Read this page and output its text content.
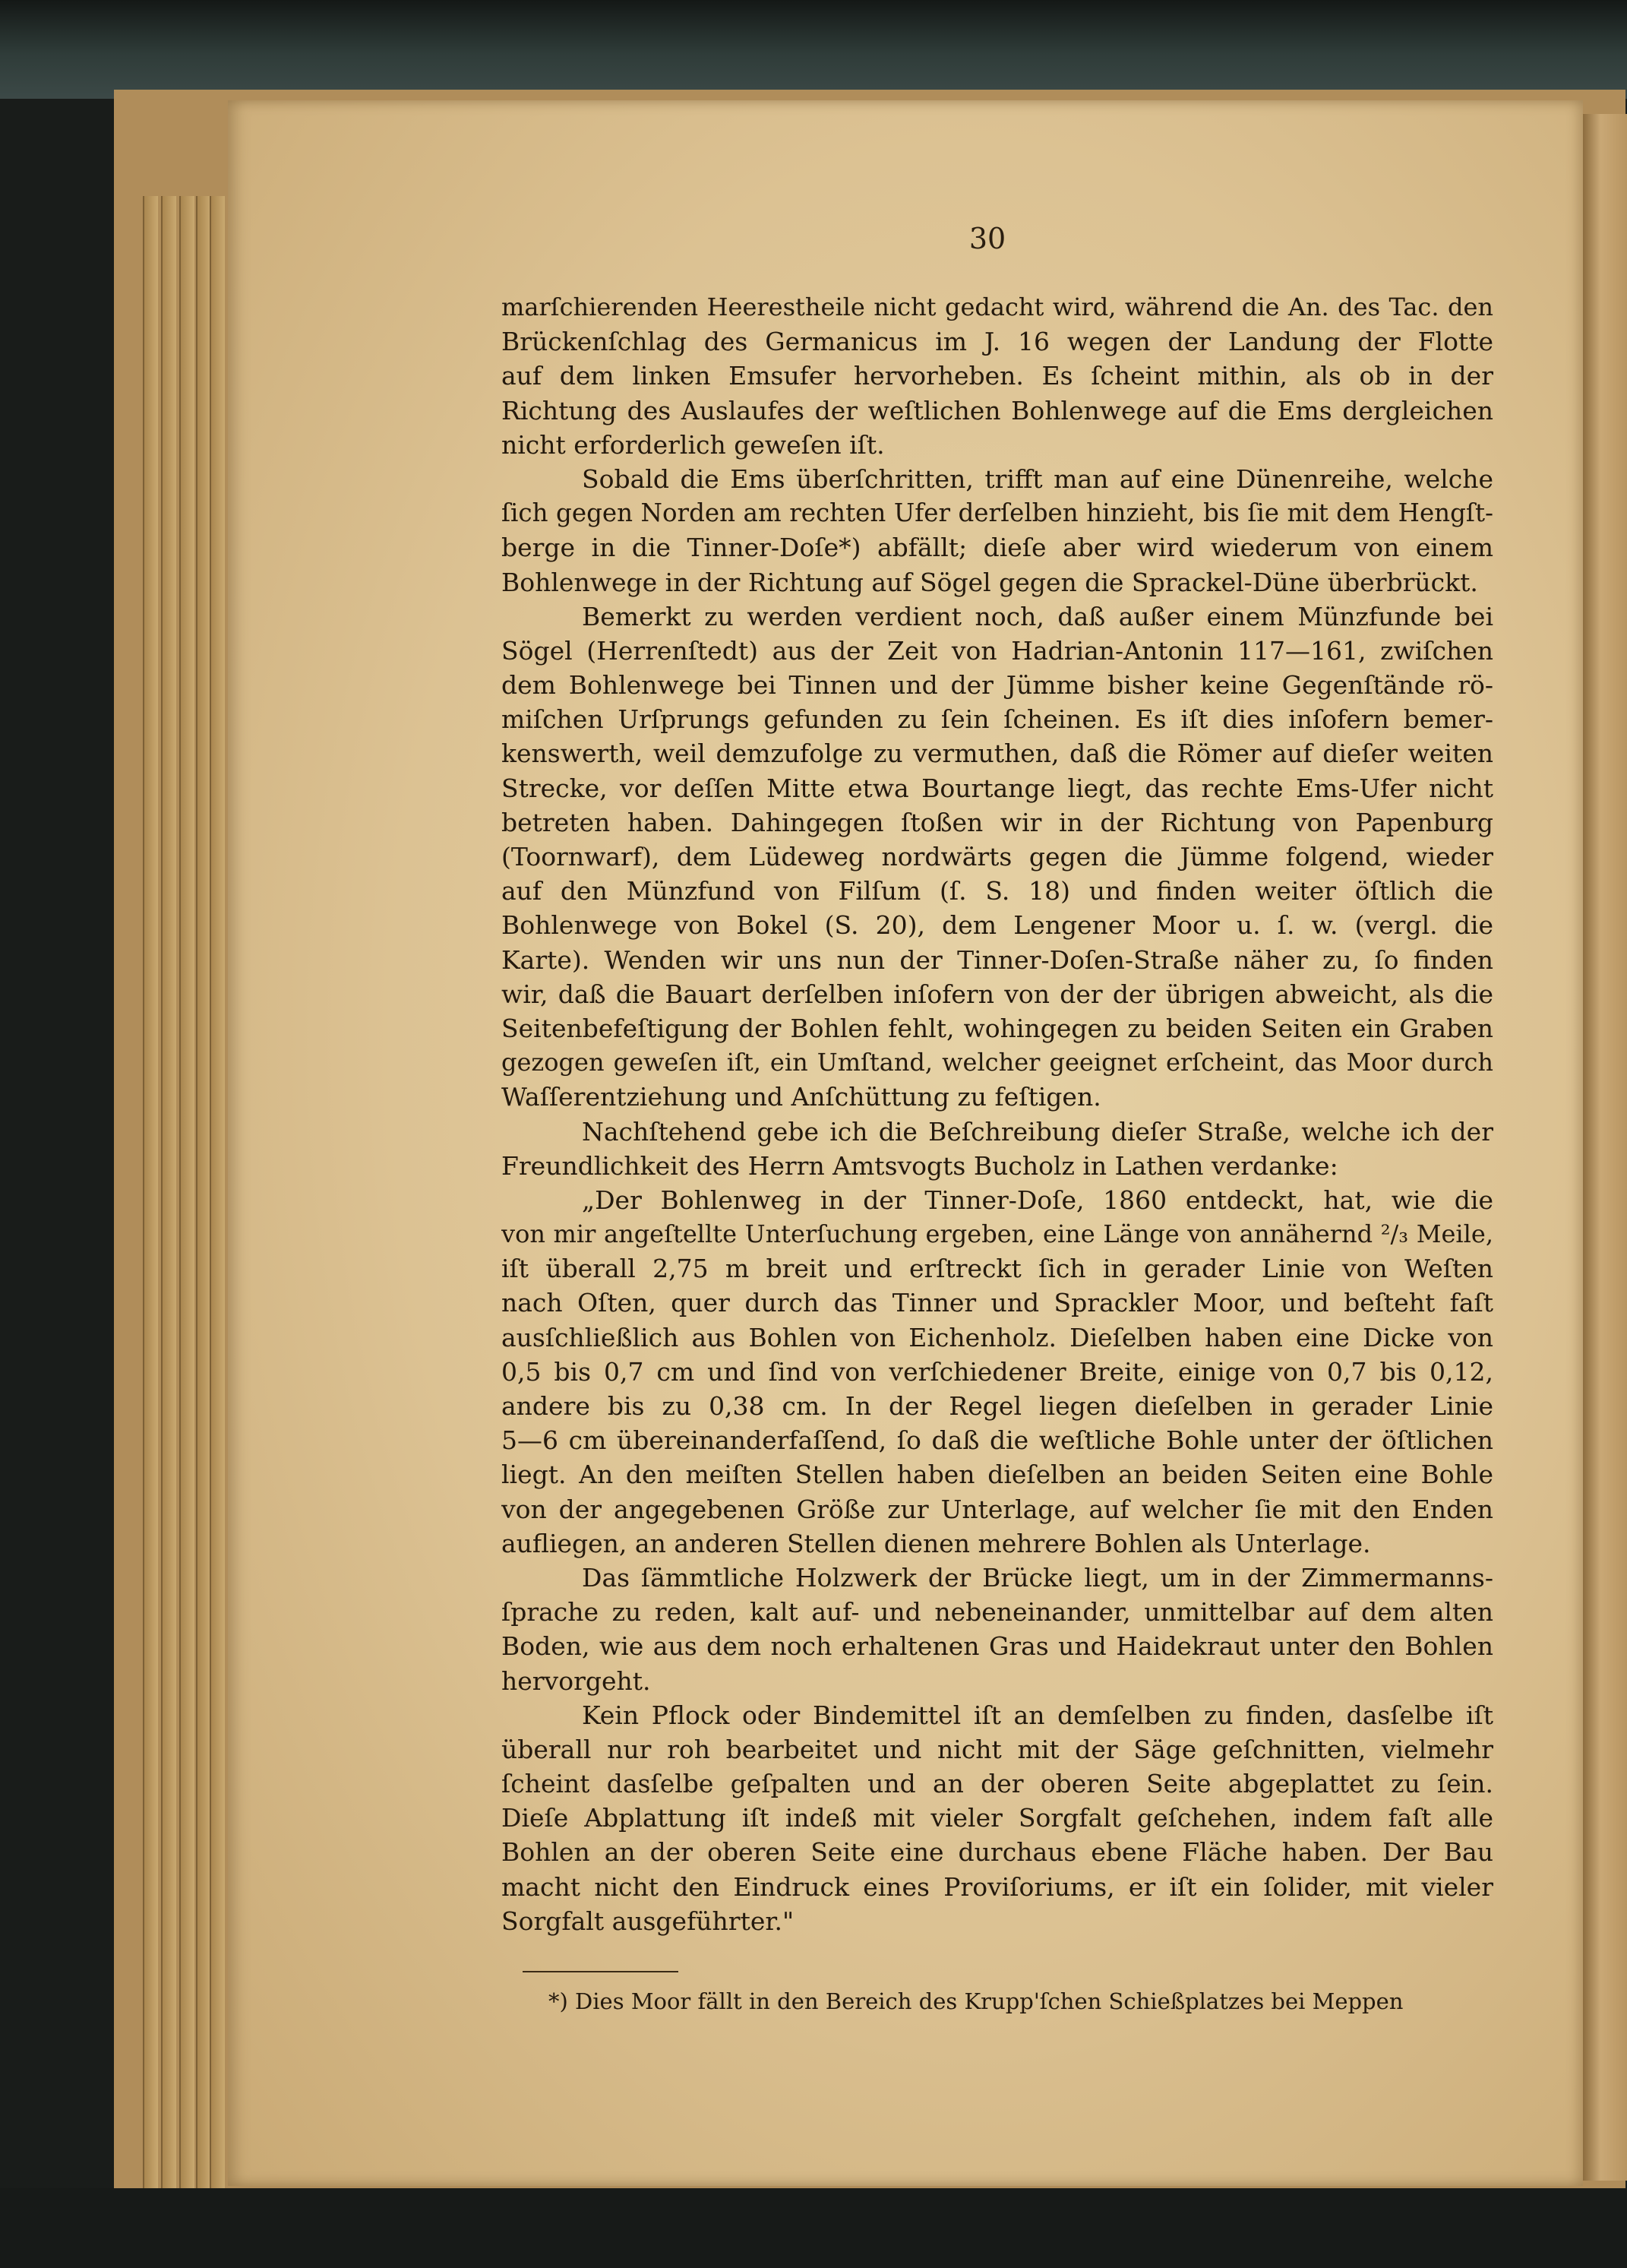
30
marſchierenden Heerestheile nicht gedacht wird, während die An. des Tac. den
Brückenſchlag des Germanicus im J. 16 wegen der Landung der Flotte
auf dem linken Emsufer hervorheben. Es ſcheint mithin, als ob in der
Richtung des Auslaufes der weſtlichen Bohlenwege auf die Ems dergleichen
nicht erforderlich geweſen iſt.
Sobald die Ems überſchritten, trifft man auf eine Dünenreihe, welche
ſich gegen Norden am rechten Ufer derſelben hinzieht, bis ſie mit dem Hengſt-
berge in die Tinner-Doſe*) abfällt; dieſe aber wird wiederum von einem
Bohlenwege in der Richtung auf Sögel gegen die Sprackel-Düne überbrückt.
Bemerkt zu werden verdient noch, daß außer einem Münzfunde bei
Sögel (Herrenſtedt) aus der Zeit von Hadrian-Antonin 117—161, zwiſchen
dem Bohlenwege bei Tinnen und der Jümme bisher keine Gegenſtände rö-
miſchen Urſprungs gefunden zu ſein ſcheinen. Es iſt dies inſofern bemer-
kenswerth, weil demzufolge zu vermuthen, daß die Römer auf dieſer weiten
Strecke, vor deſſen Mitte etwa Bourtange liegt, das rechte Ems-Ufer nicht
betreten haben. Dahingegen ſtoßen wir in der Richtung von Papenburg
(Toornwarf), dem Lüdeweg nordwärts gegen die Jümme folgend, wieder
auf den Münzfund von Filſum (ſ. S. 18) und finden weiter öſtlich die
Bohlenwege von Bokel (S. 20), dem Lengener Moor u. ſ. w. (vergl. die
Karte). Wenden wir uns nun der Tinner-Doſen-Straße näher zu, ſo finden
wir, daß die Bauart derſelben inſofern von der der übrigen abweicht, als die
Seitenbefeſtigung der Bohlen fehlt, wohingegen zu beiden Seiten ein Graben
gezogen geweſen iſt, ein Umſtand, welcher geeignet erſcheint, das Moor durch
Waſſerentziehung und Anſchüttung zu feſtigen.
Nachſtehend gebe ich die Beſchreibung dieſer Straße, welche ich der
Freundlichkeit des Herrn Amtsvogts Bucholz in Lathen verdanke:
„Der Bohlenweg in der Tinner-Doſe, 1860 entdeckt, hat, wie die
von mir angeſtellte Unterſuchung ergeben, eine Länge von annähernd ²/₃ Meile,
iſt überall 2,75 m breit und erſtreckt ſich in gerader Linie von Weſten
nach Oſten, quer durch das Tinner und Sprackler Moor, und beſteht faſt
ausſchließlich aus Bohlen von Eichenholz. Dieſelben haben eine Dicke von
0,5 bis 0,7 cm und ſind von verſchiedener Breite, einige von 0,7 bis 0,12,
andere bis zu 0,38 cm. In der Regel liegen dieſelben in gerader Linie
5—6 cm übereinanderfaſſend, ſo daß die weſtliche Bohle unter der öſtlichen
liegt. An den meiſten Stellen haben dieſelben an beiden Seiten eine Bohle
von der angegebenen Größe zur Unterlage, auf welcher ſie mit den Enden
aufliegen, an anderen Stellen dienen mehrere Bohlen als Unterlage.
Das ſämmtliche Holzwerk der Brücke liegt, um in der Zimmermanns-
ſprache zu reden, kalt auf- und nebeneinander, unmittelbar auf dem alten
Boden, wie aus dem noch erhaltenen Gras und Haidekraut unter den Bohlen
hervorgeht.
Kein Pflock oder Bindemittel iſt an demſelben zu finden, dasſelbe iſt
überall nur roh bearbeitet und nicht mit der Säge geſchnitten, vielmehr
ſcheint dasſelbe geſpalten und an der oberen Seite abgeplattet zu ſein.
Dieſe Abplattung iſt indeß mit vieler Sorgfalt geſchehen, indem faſt alle
Bohlen an der oberen Seite eine durchaus ebene Fläche haben. Der Bau
macht nicht den Eindruck eines Proviſoriums, er iſt ein ſolider, mit vieler
Sorgfalt ausgeführter."
*) Dies Moor fällt in den Bereich des Krupp'ſchen Schießplatzes bei Meppen
